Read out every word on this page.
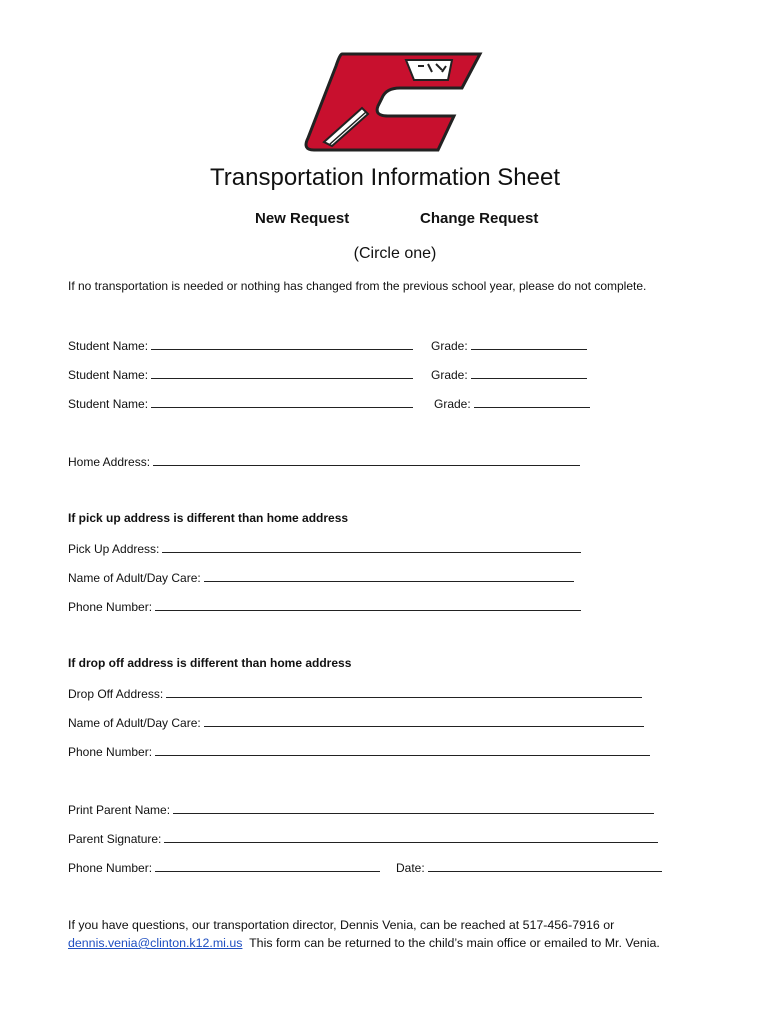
Transportation Information Sheet
New Request	Change Request
(Circle one)
If no transportation is needed or nothing has changed from the previous school year, please do not complete.
Student Name:	Grade:
Student Name:	Grade:
Student Name:	Grade:
Home Address:
If pick up address is different than home address
Pick Up Address:
Name of Adult/Day Care:
Phone Number:
If drop off address is different than home address
Drop Off Address:
Name of Adult/Day Care:
Phone Number:
Print Parent Name:
Parent Signature:
Phone Number:	Date:
If you have questions, our transportation director, Dennis Venia, can be reached at 517-456-7916 or
dennis.venia@clinton.k12.mi.us This form can be returned to the child’s main office or emailed to Mr. Venia.
